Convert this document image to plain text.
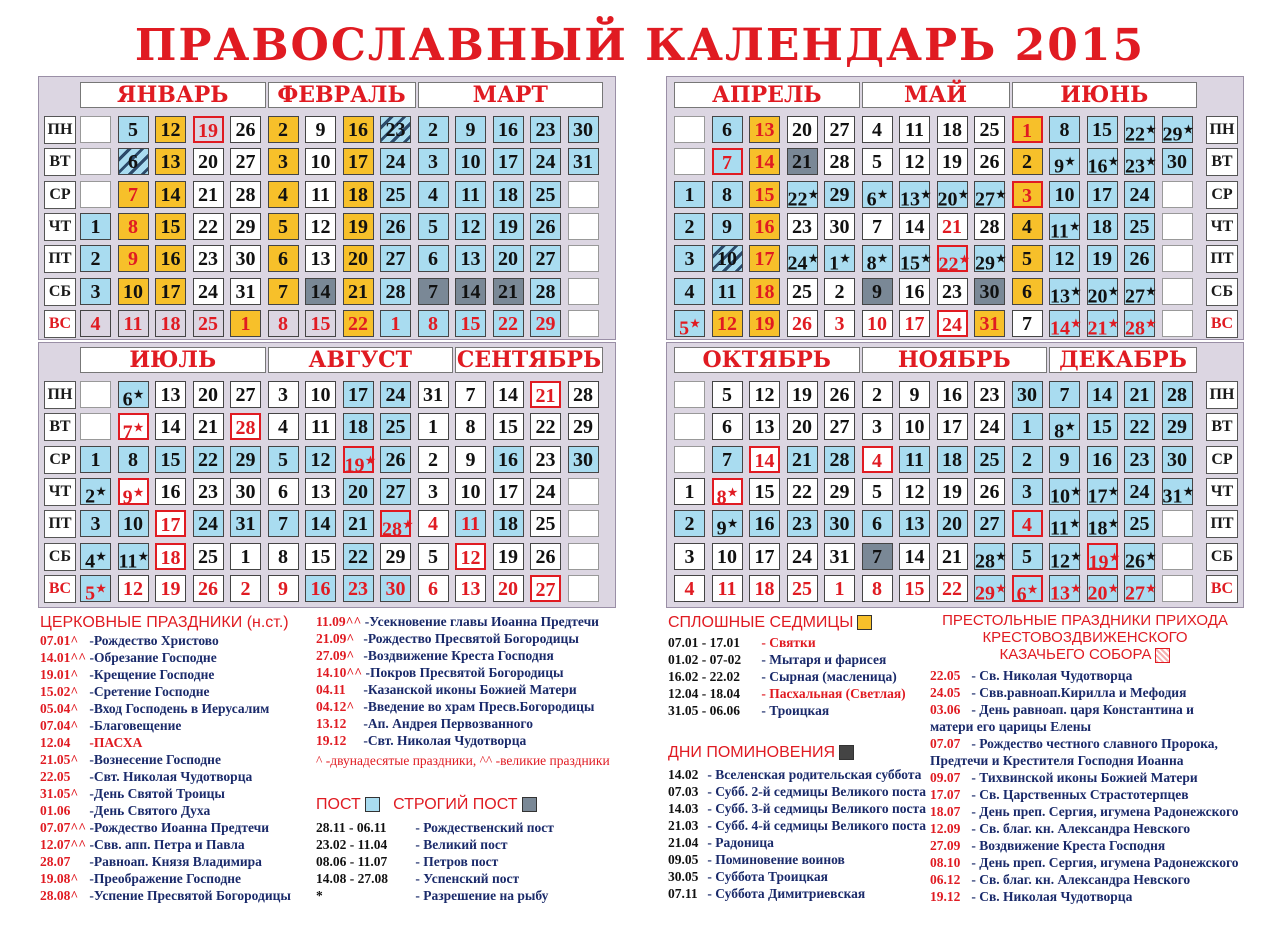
ПРАВОСЛАВНЫЙ КАЛЕНДАРЬ 2015
ПН
ВТ
СР
ЧТ
ПТ
СБ
ВС
ЯНВАРЬ
1
2
3
4
5
6
7
8
9
10
11
12
13
14
15
16
17
18
19
20
21
22
23
24
25
26
27
28
29
30
31
1
ФЕВРАЛЬ
2
3
4
5
6
7
8
9
10
11
12
13
14
15
16
17
18
19
20
21
22
23
24
25
26
27
28
1
МАРТ
2
3
4
5
6
7
8
9
10
11
12
13
14
15
16
17
18
19
20
21
22
23
24
25
26
27
28
29
30
31
ПН
ВТ
СР
ЧТ
ПТ
СБ
ВС
АПРЕЛЬ
1
2
3
4
5★
6
7
8
9
10
11
12
13
14
15
16
17
18
19
20
21
22★
23
24★
25
26
27
28
29
30
1★
2
3
МАЙ
4
5
6★
7
8★
9
10
11
12
13★
14
15★
16
17
18
19
20★
21
22★
23
24
25
26
27★
28
29★
30
31
ИЮНЬ
1
2
3
4
5
6
7
8
9★
10
11★
12
13★
14★
15
16★
17
18
19
20★
21★
22★
23★
24
25
26
27★
28★
29★
30
ПН
ВТ
СР
ЧТ
ПТ
СБ
ВС
ИЮЛЬ
1
2★
3
4★
5★
6★
7★
8
9★
10
11★
12
13
14
15
16
17
18
19
20
21
22
23
24
25
26
27
28
29
30
31
1
2
АВГУСТ
3
4
5
6
7
8
9
10
11
12
13
14
15
16
17
18
19★
20
21
22
23
24
25
26
27
28★
29
30
31
1
2
3
4
5
6
СЕНТЯБРЬ
7
8
9
10
11
12
13
14
15
16
17
18
19
20
21
22
23
24
25
26
27
28
29
30
ПН
ВТ
СР
ЧТ
ПТ
СБ
ВС
ОКТЯБРЬ
1
2
3
4
5
6
7
8★
9★
10
11
12
13
14
15
16
17
18
19
20
21
22
23
24
25
26
27
28
29
30
31
1
НОЯБРЬ
2
3
4
5
6
7
8
9
10
11
12
13
14
15
16
17
18
19
20
21
22
23
24
25
26
27
28★
29★
30
1
2
3
4
5
6★
ДЕКАБРЬ
7
8★
9
10★
11★
12★
13★
14
15
16
17★
18★
19★
20★
21
22
23
24
25
26★
27★
28
29
30
31★
ЦЕРКОВНЫЕ ПРАЗДНИКИ (н.ст.)
07.01^ -Рождество Христово
14.01^^ -Обрезание Господне
19.01^ -Крещение Господне
15.02^ -Сретение Господне
05.04^ -Вход Господень в Иерусалим
07.04^ -Благовещение
12.04 -ПАСХА
21.05^ -Вознесение Господне
22.05 -Свт. Николая Чудотворца
31.05^ -День Святой Троицы
01.06 -День Святого Духа
07.07^^ -Рождество Иоанна Предтечи
12.07^^ -Свв. апп. Петра и Павла
28.07 -Равноап. Князя Владимира
19.08^ -Преображение Господне
28.08^ -Успение Пресвятой Богородицы
11.09^^ -Усекновение главы Иоанна Предтечи
21.09^ -Рождество Пресвятой Богородицы
27.09^ -Воздвижение Креста Господня
14.10^^ -Покров Пресвятой Богородицы
04.11 -Казанской иконы Божией Матери
04.12^ -Введение во храм Пресв.Богородицы
13.12 -Ап. Андрея Первозванного
19.12 -Свт. Николая Чудотворца
^ -двунадесятые праздники, ^^ -великие праздники
ПОСТ СТРОГИЙ ПОСТ
28.11 - 06.11 - Рождественский пост
23.02 - 11.04 - Великий пост
08.06 - 11.07 - Петров пост
14.08 - 27.08 - Успенский пост
*	- Разрешение на рыбу
СПЛОШНЫЕ СЕДМИЦЫ
07.01 - 17.01 - Святки
01.02 - 07-02 - Мытаря и фарисея
16.02 - 22.02 - Сырная (масленица)
12.04 - 18.04 - Пасхальная (Светлая)
31.05 - 06.06 - Троицкая
ДНИ ПОМИНОВЕНИЯ
14.02 - Вселенская родительская суббота
07.03 - Субб. 2-й седмицы Великого поста
14.03 - Субб. 3-й седмицы Великого поста
21.03 - Субб. 4-й седмицы Великого поста
21.04 - Радоница
09.05 - Поминовение воинов
30.05 - Суббота Троицкая
07.11 - Суббота Димитриевская
ПРЕСТОЛЬНЫЕ ПРАЗДНИКИ ПРИХОДА
КРЕСТОВОЗДВИЖЕНСКОГО
КАЗАЧЬЕГО СОБОРА
22.05 - Св. Николая Чудотворца
24.05 - Свв.равноап.Кирилла и Мефодия
03.06 - День равноап. царя Константина и матери его царицы Елены
07.07 - Рождество честного славного Пророка, Предтечи и Крестителя Господня Иоанна
09.07 - Тихвинской иконы Божией Матери
17.07 - Св. Царственных Страстотерпцев
18.07 - День преп. Сергия, игумена Радонежского
12.09 - Св. благ. кн. Александра Невского
27.09 - Воздвижение Креста Господня
08.10 - День преп. Сергия, игумена Радонежского
06.12 - Св. благ. кн. Александра Невского
19.12 - Св. Николая Чудотворца
